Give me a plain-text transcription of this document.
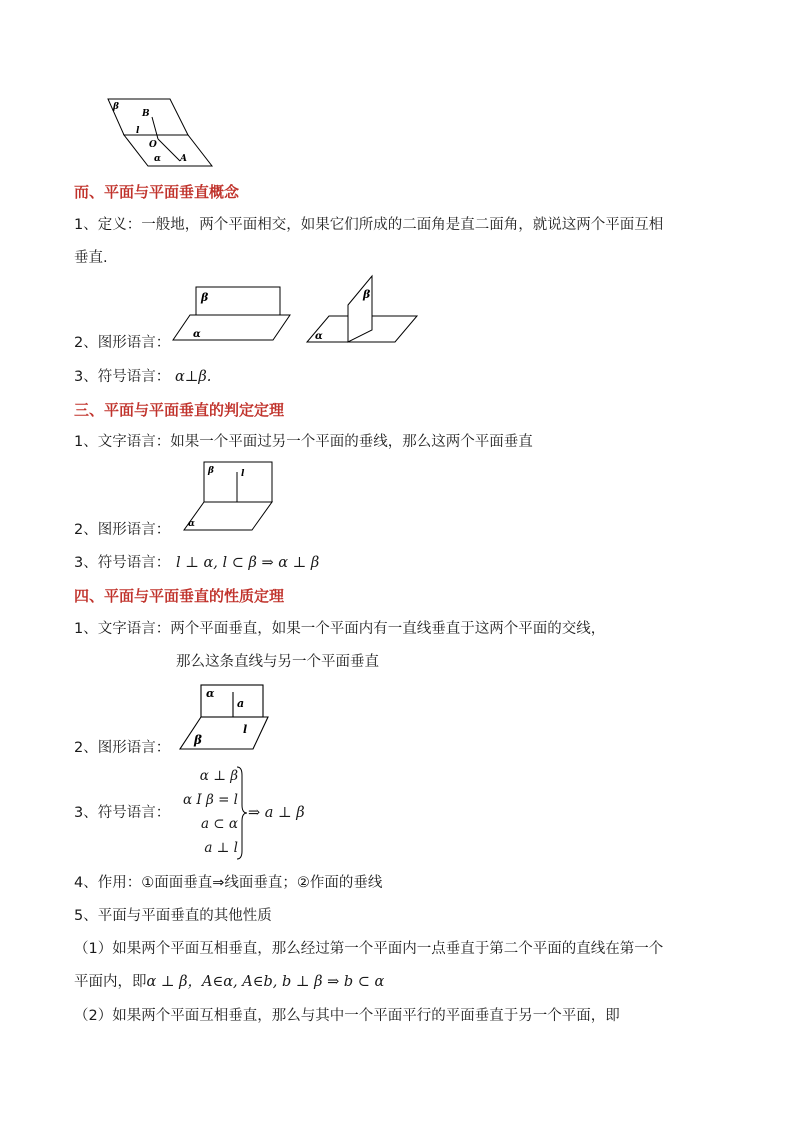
β
B
l
O
α A
而、平面与平面垂直概念
1、定义：一般地，两个平面相交，如果它们所成的二面角是直二面角，就说这两个平面互相
垂直.
β
α
β
α
2、图形语言：
3、符号语言： α⊥β.
三、平面与平面垂直的判定定理
1、文字语言：如果一个平面过另一个平面的垂线，那么这两个平面垂直
β	l
α
2、图形语言：
3、符号语言： l ⊥ α, l ⊂ β ⇒ α ⊥ β
四、平面与平面垂直的性质定理
1、文字语言：两个平面垂直，如果一个平面内有一直线垂直于这两个平面的交线，
那么这条直线与另一个平面垂直
α
a
β
l
2、图形语言：
α ⊥ β
α I β = l
a ⊂ α
a ⊥ l
3、符号语言：	⇒ a ⊥ β
4、作用：①面面垂直⇒线面垂直；②作面的垂线
5、平面与平面垂直的其他性质
（1）如果两个平面互相垂直，那么经过第一个平面内一点垂直于第二个平面的直线在第一个
平面内，即α ⊥ β，A∈α, A∈b, b ⊥ β ⇒ b ⊂ α
（2）如果两个平面互相垂直，那么与其中一个平面平行的平面垂直于另一个平面，即
